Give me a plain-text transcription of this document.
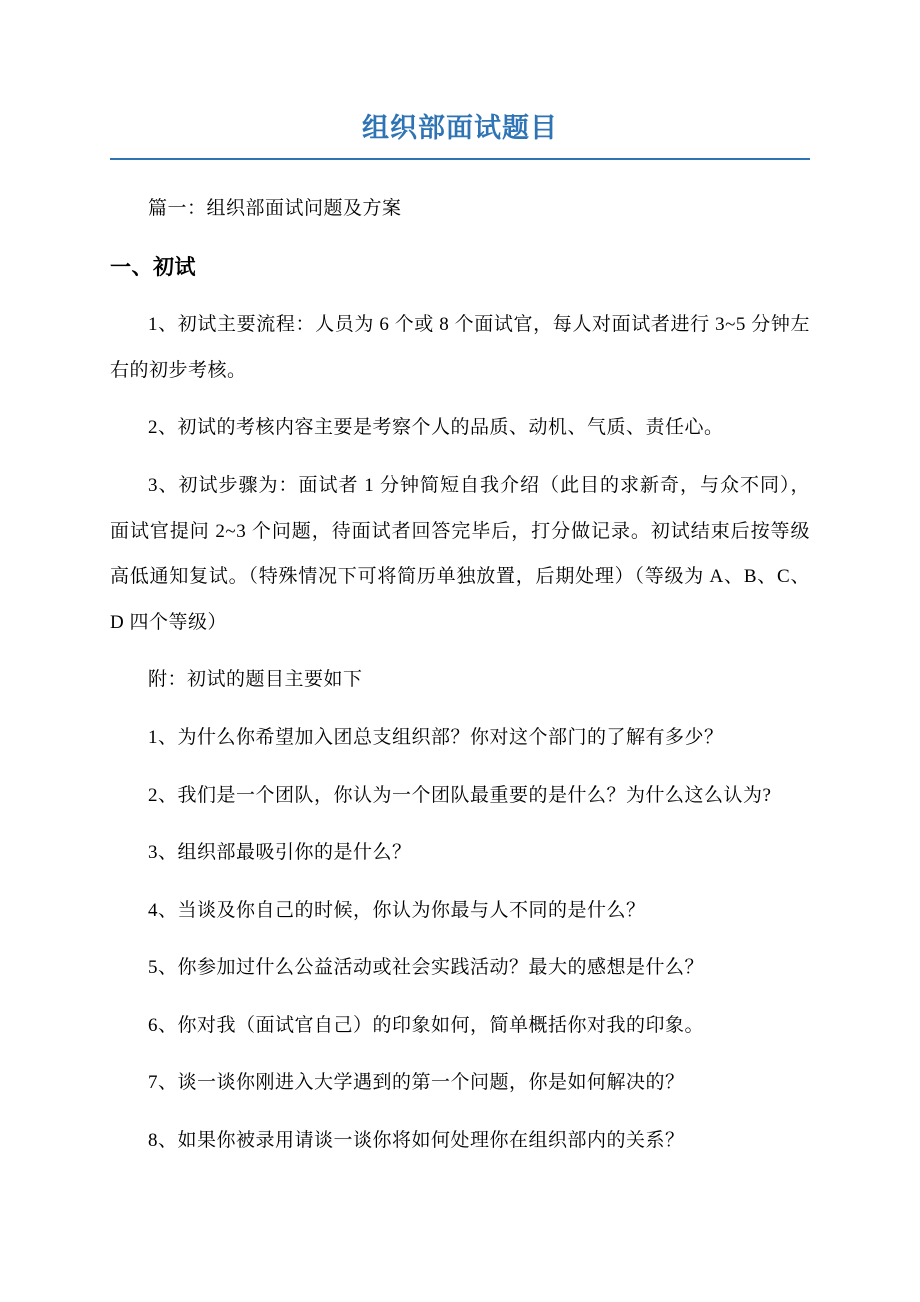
组织部面试题目

篇一：组织部面试问题及方案

一、初试

1、初试主要流程：人员为 6 个或 8 个面试官，每人对面试者进行 3~5 分钟左右的初步考核。

2、初试的考核内容主要是考察个人的品质、动机、气质、责任心。

3、初试步骤为：面试者 1 分钟简短自我介绍（此目的求新奇，与众不同），面试官提问 2~3 个问题，待面试者回答完毕后，打分做记录。初试结束后按等级高低通知复试。（特殊情况下可将简历单独放置，后期处理）（等级为 A、B、C、D 四个等级）

附：初试的题目主要如下

1、为什么你希望加入团总支组织部？你对这个部门的了解有多少？

2、我们是一个团队，你认为一个团队最重要的是什么？为什么这么认为?

3、组织部最吸引你的是什么？

4、当谈及你自己的时候，你认为你最与人不同的是什么？

5、你参加过什么公益活动或社会实践活动？最大的感想是什么？

6、你对我（面试官自己）的印象如何，简单概括你对我的印象。

7、谈一谈你刚进入大学遇到的第一个问题，你是如何解决的？

8、如果你被录用请谈一谈你将如何处理你在组织部内的关系？
